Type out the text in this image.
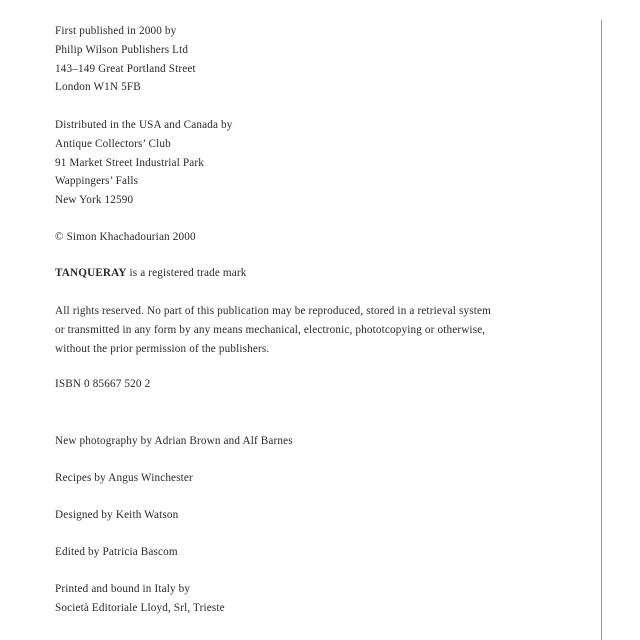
First published in 2000 by
Philip Wilson Publishers Ltd
143–149 Great Portland Street
London W1N 5FB
Distributed in the USA and Canada by
Antique Collectors’ Club
91 Market Street Industrial Park
Wappingers’ Falls
New York 12590
© Simon Khachadourian 2000
TANQUERAY is a registered trade mark
All rights reserved. No part of this publication may be reproduced, stored in a retrieval system
or transmitted in any form by any means mechanical, electronic, phototcopying or otherwise,
without the prior permission of the publishers.
ISBN 0 85667 520 2
New photography by Adrian Brown and Alf Barnes
Recipes by Angus Winchester
Designed by Keith Watson
Edited by Patricia Bascom
Printed and bound in Italy by
Società Editoriale Lloyd, Srl, Trieste
